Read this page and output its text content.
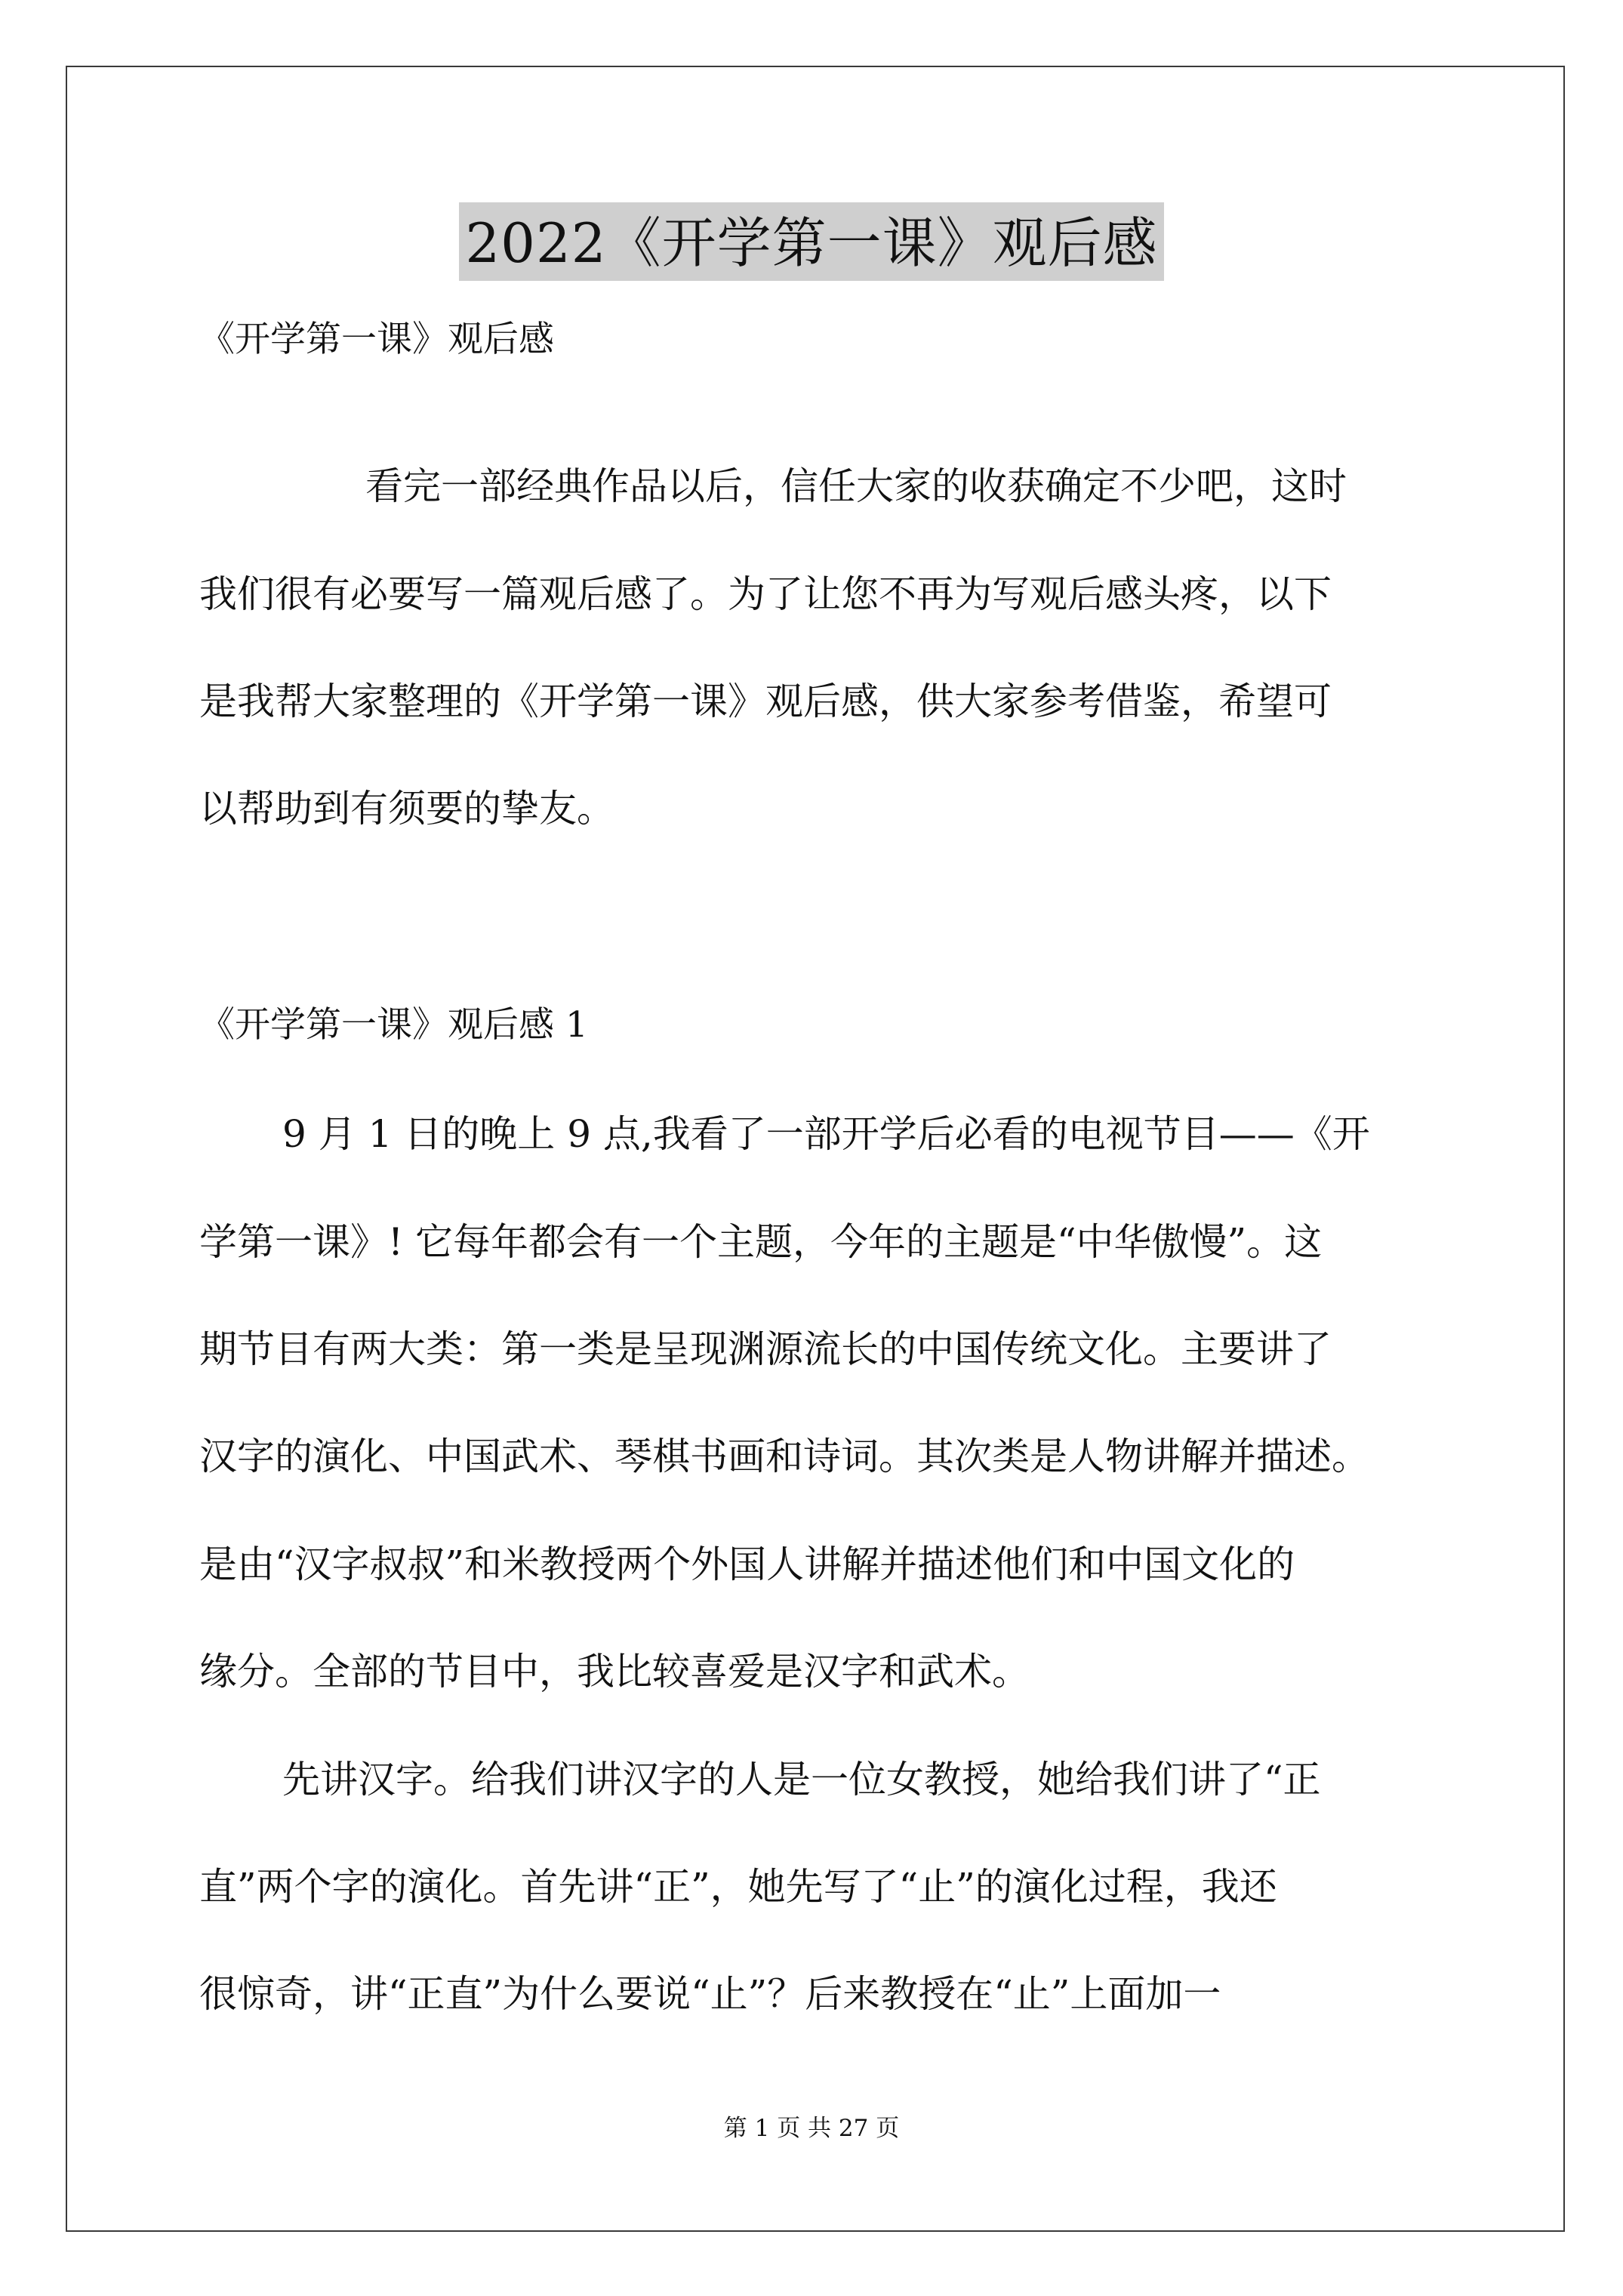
2022《开学第一课》观后感
《开学第一课》观后感
看完一部经典作品以后，信任大家的收获确定不少吧，这时
我们很有必要写一篇观后感了。为了让您不再为写观后感头疼，以下
是我帮大家整理的《开学第一课》观后感，供大家参考借鉴，希望可
以帮助到有须要的挚友。
《开学第一课》观后感 1
9 月 1 日的晚上 9 点,我看了一部开学后必看的电视节目——《开
学第一课》! 它每年都会有一个主题，今年的主题是“中华傲慢”。这
期节目有两大类：第一类是呈现渊源流长的中国传统文化。主要讲了
汉字的演化、中国武术、琴棋书画和诗词。其次类是人物讲解并描述。
是由“汉字叔叔”和米教授两个外国人讲解并描述他们和中国文化的
缘分。全部的节目中，我比较喜爱是汉字和武术。
先讲汉字。给我们讲汉字的人是一位女教授，她给我们讲了“正
直”两个字的演化。首先讲“正”，她先写了“止”的演化过程，我还
很惊奇，讲“正直”为什么要说“止”？后来教授在“止”上面加一
第 1 页 共 27 页
